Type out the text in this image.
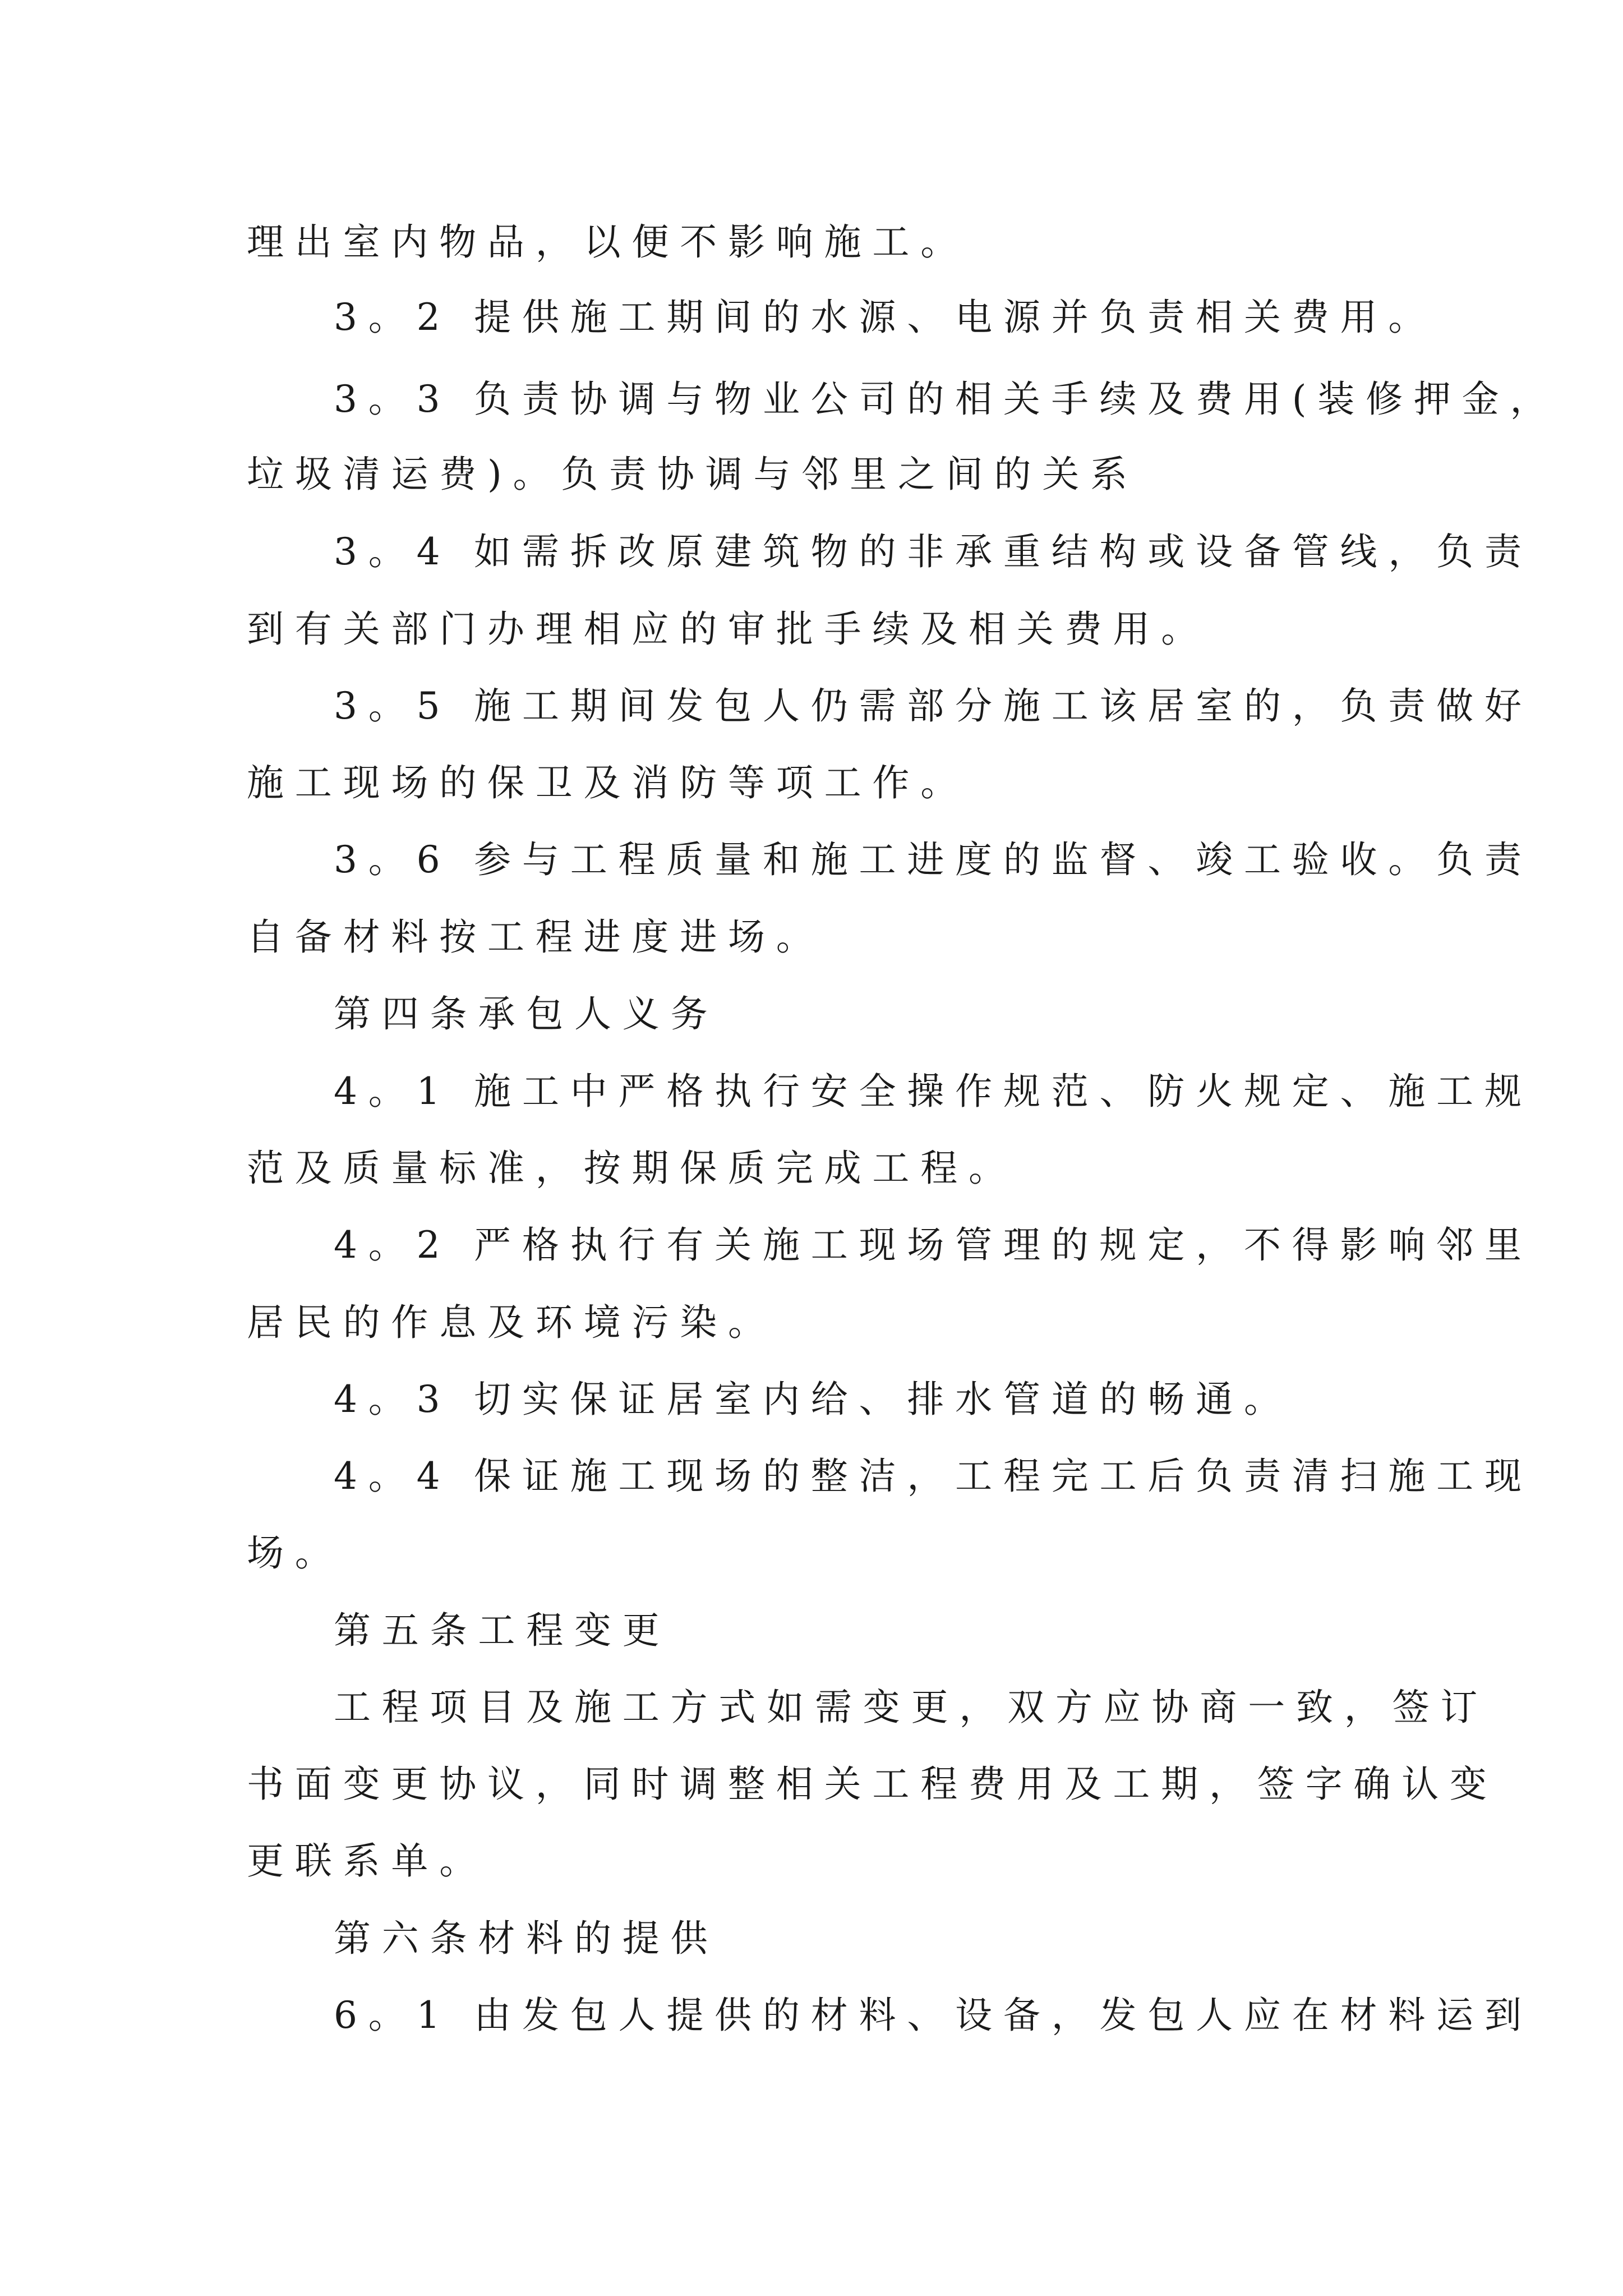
理出室内物品，以便不影响施工。
3。2 提供施工期间的水源、电源并负责相关费用。
3。3 负责协调与物业公司的相关手续及费用(装修押金，
垃圾清运费)。负责协调与邻里之间的关系
3。4 如需拆改原建筑物的非承重结构或设备管线，负责
到有关部门办理相应的审批手续及相关费用。
3。5 施工期间发包人仍需部分施工该居室的，负责做好
施工现场的保卫及消防等项工作。
3。6 参与工程质量和施工进度的监督、竣工验收。负责
自备材料按工程进度进场。
第四条承包人义务
4。1 施工中严格执行安全操作规范、防火规定、施工规
范及质量标准，按期保质完成工程。
4。2 严格执行有关施工现场管理的规定，不得影响邻里
居民的作息及环境污染。
4。3 切实保证居室内给、排水管道的畅通。
4。4 保证施工现场的整洁，工程完工后负责清扫施工现
场。
第五条工程变更
工程项目及施工方式如需变更，双方应协商一致，签订
书面变更协议，同时调整相关工程费用及工期，签字确认变
更联系单。
第六条材料的提供
6。1 由发包人提供的材料、设备，发包人应在材料运到
